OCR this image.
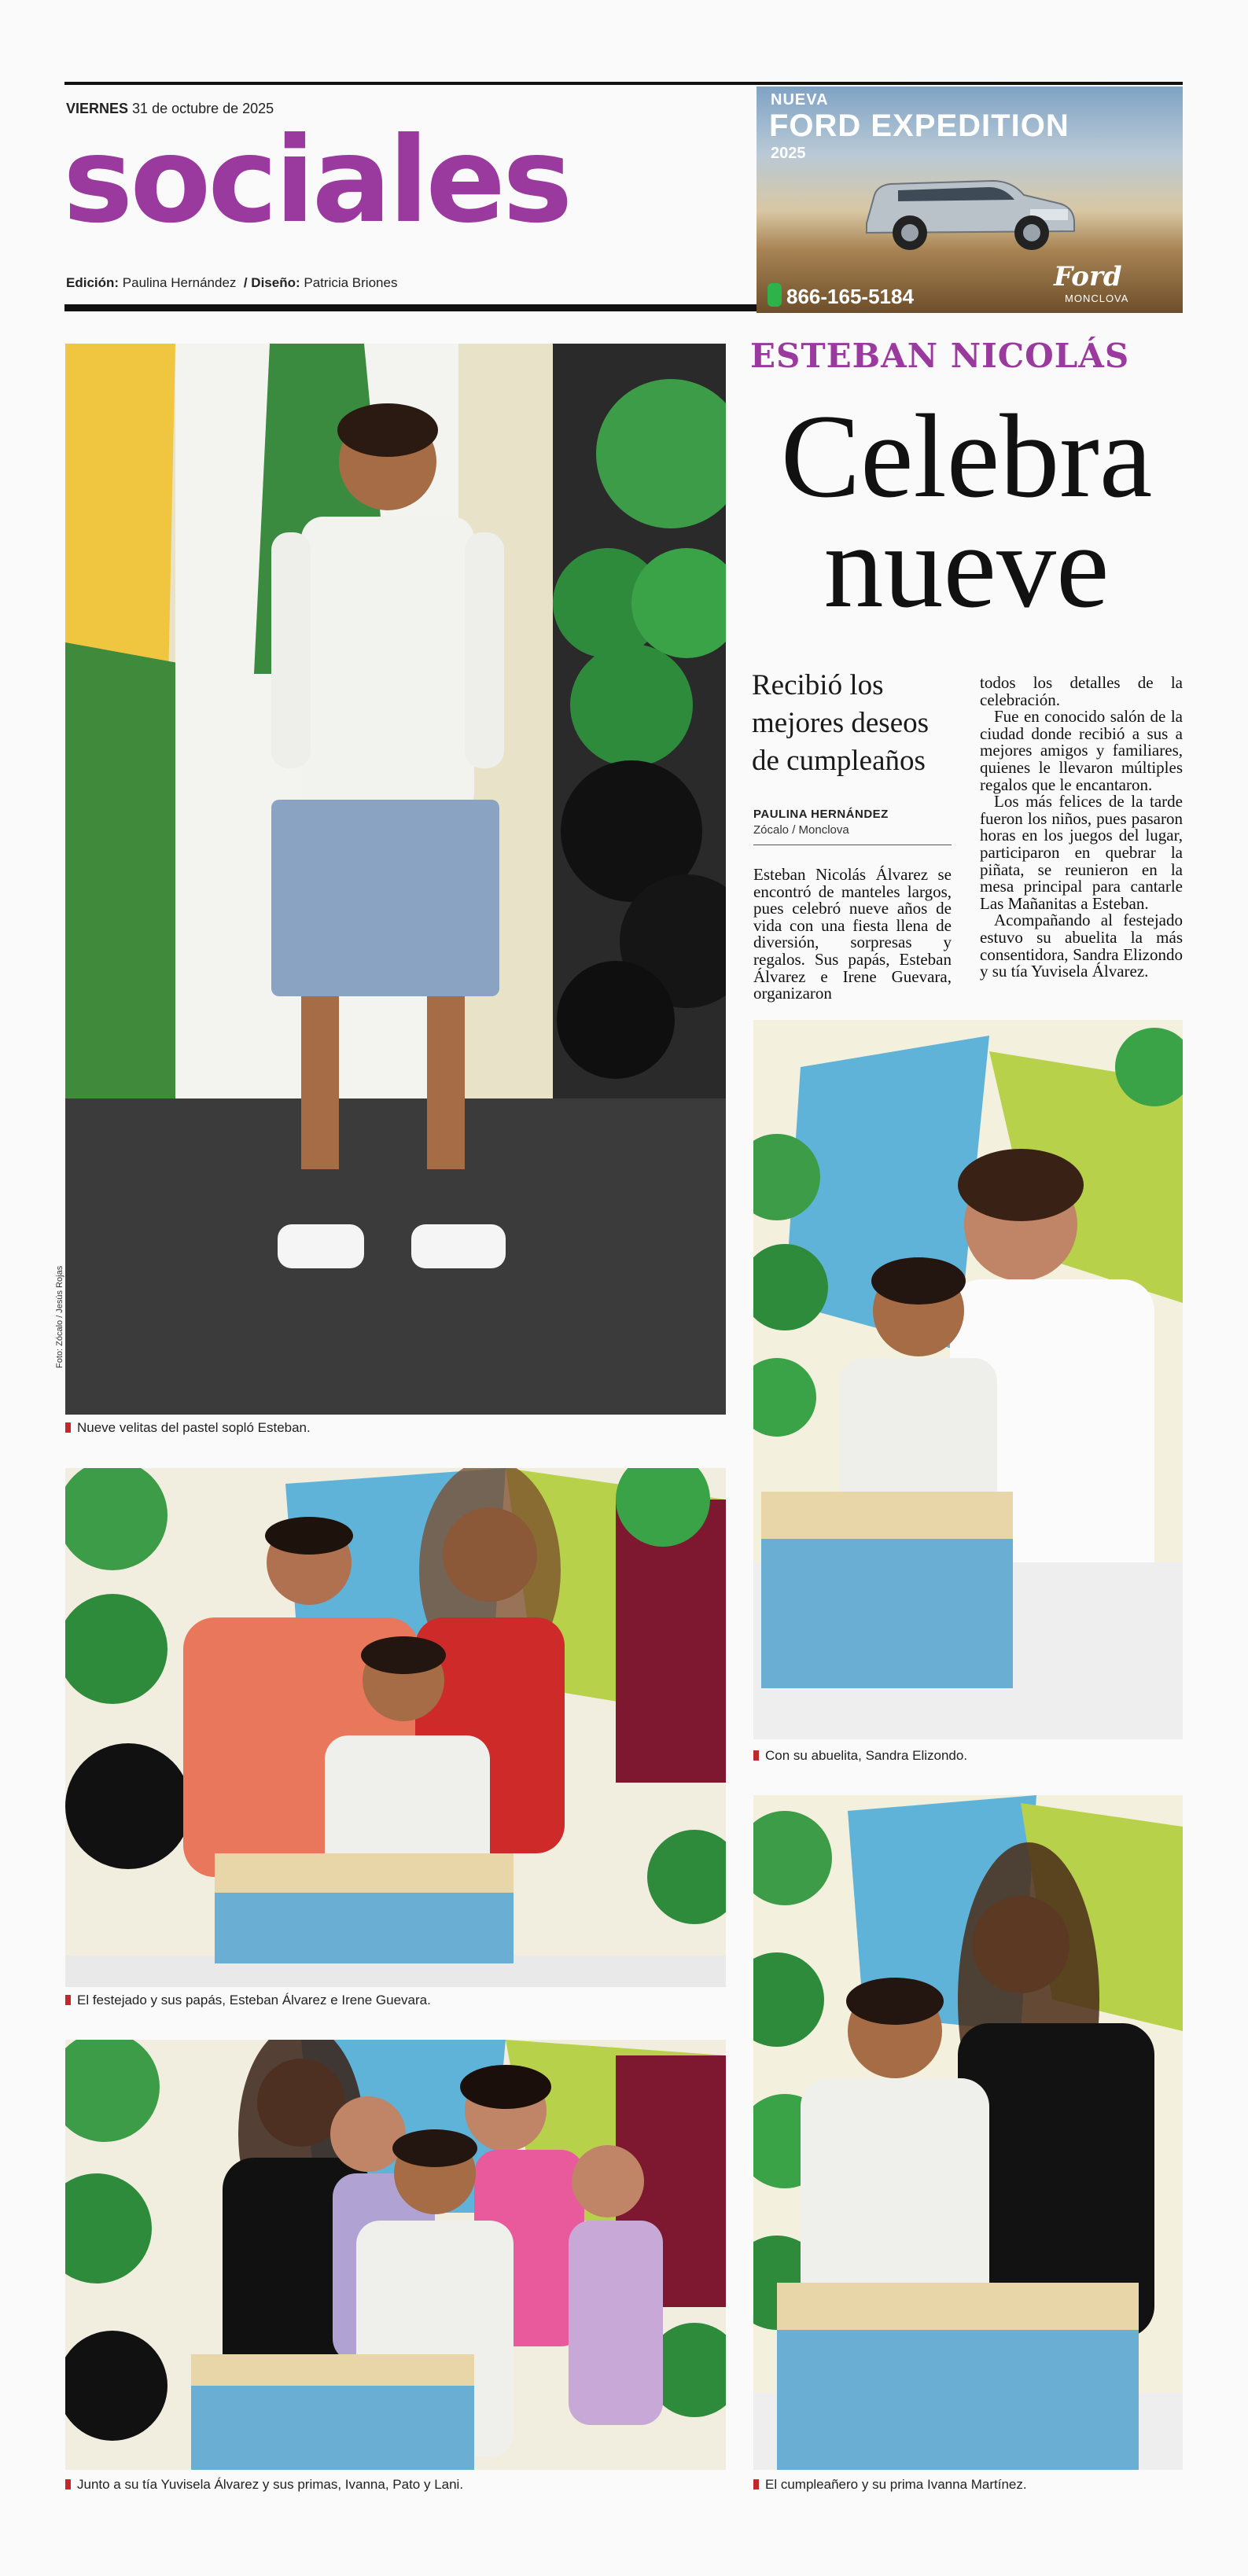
VIERNES 31 de octubre de 2025
sociales
Edición: Paulina Hernández / Diseño: Patricia Briones
NUEVA
FORD EXPEDITION
2025
866-165-5184
Ford
MONCLOVA
Foto: Zócalo / Jesús Rojas
Nueve velitas del pastel sopló Esteban.
ESTEBAN NICOLÁS
Celebra
nueve
Recibió los mejores deseos de cumpleaños
PAULINA HERNÁNDEZ
Zócalo / Monclova

Esteban Nicolás Álvarez se encontró de manteles largos, pues celebró nueve años de vida con una fiesta llena de diversión, sorpresas y regalos. Sus papás, Esteban Álvarez e Irene Guevara, organizaron

todos los detalles de la celebración.

Fue en conocido salón de la ciudad donde recibió a sus a mejores amigos y familiares, quienes le llevaron múltiples regalos que le encantaron.

Los más felices de la tarde fueron los niños, pues pasaron horas en los juegos del lugar, participaron en quebrar la piñata, se reunieron en la mesa principal para cantarle Las Mañanitas a Esteban.

Acompañando al festejado estuvo su abuelita la más consentidora, Sandra Elizondo y su tía Yuvisela Álvarez.

Con su abuelita, Sandra Elizondo.
El festejado y sus papás, Esteban Álvarez e Irene Guevara.
Junto a su tía Yuvisela Álvarez y sus primas, Ivanna, Pato y Lani.	El cumpleañero y su prima Ivanna Martínez.
